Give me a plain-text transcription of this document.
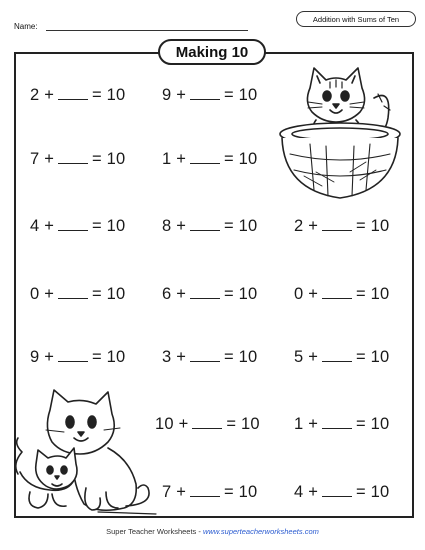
Name:
Addition with Sums of Ten
Making 10
2 + = 10 9 + = 10
7 + = 10 1 + = 10
4 + = 10 8 + = 10 2 + = 10
0 + = 10 6 + = 10 0 + = 10
9 + = 10 3 + = 10 5 + = 10
10 + = 10 1 + = 10
7 + = 10 4 + = 10
Super Teacher Worksheets - www.superteacherworksheets.com
